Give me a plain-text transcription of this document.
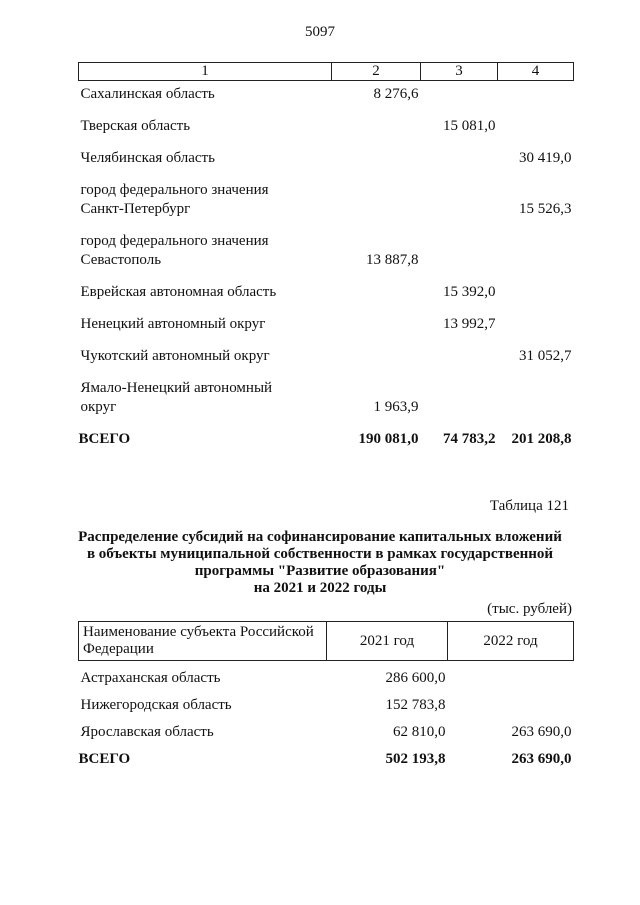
5097
1	2	3	4

Сахалинская область	8 276,6		

Тверская область		15 081,0	

Челябинская область			30 419,0

город федерального значения
Санкт-Петербург			15 526,3

город федерального значения
Севастополь	13 887,8		

Еврейская автономная область		15 392,0	

Ненецкий автономный округ		13 992,7	

Чукотский автономный округ			31 052,7

Ямало-Ненецкий автономный
округ	1 963,9		
ВСЕГО	190 081,0	74 783,2	201 208,8
Таблица 121
Распределение субсидий на софинансирование капитальных вложений
в объекты муниципальной собственности в рамках государственной
программы "Развитие образования"
на 2021 и 2022 годы
(тыс. рублей)
Наименование субъекта Российской Федерации	2021 год	2022 год
Астраханская область	286 600,0	
Нижегородская область	152 783,8	
Ярославская область	62 810,0	263 690,0
ВСЕГО	502 193,8	263 690,0
